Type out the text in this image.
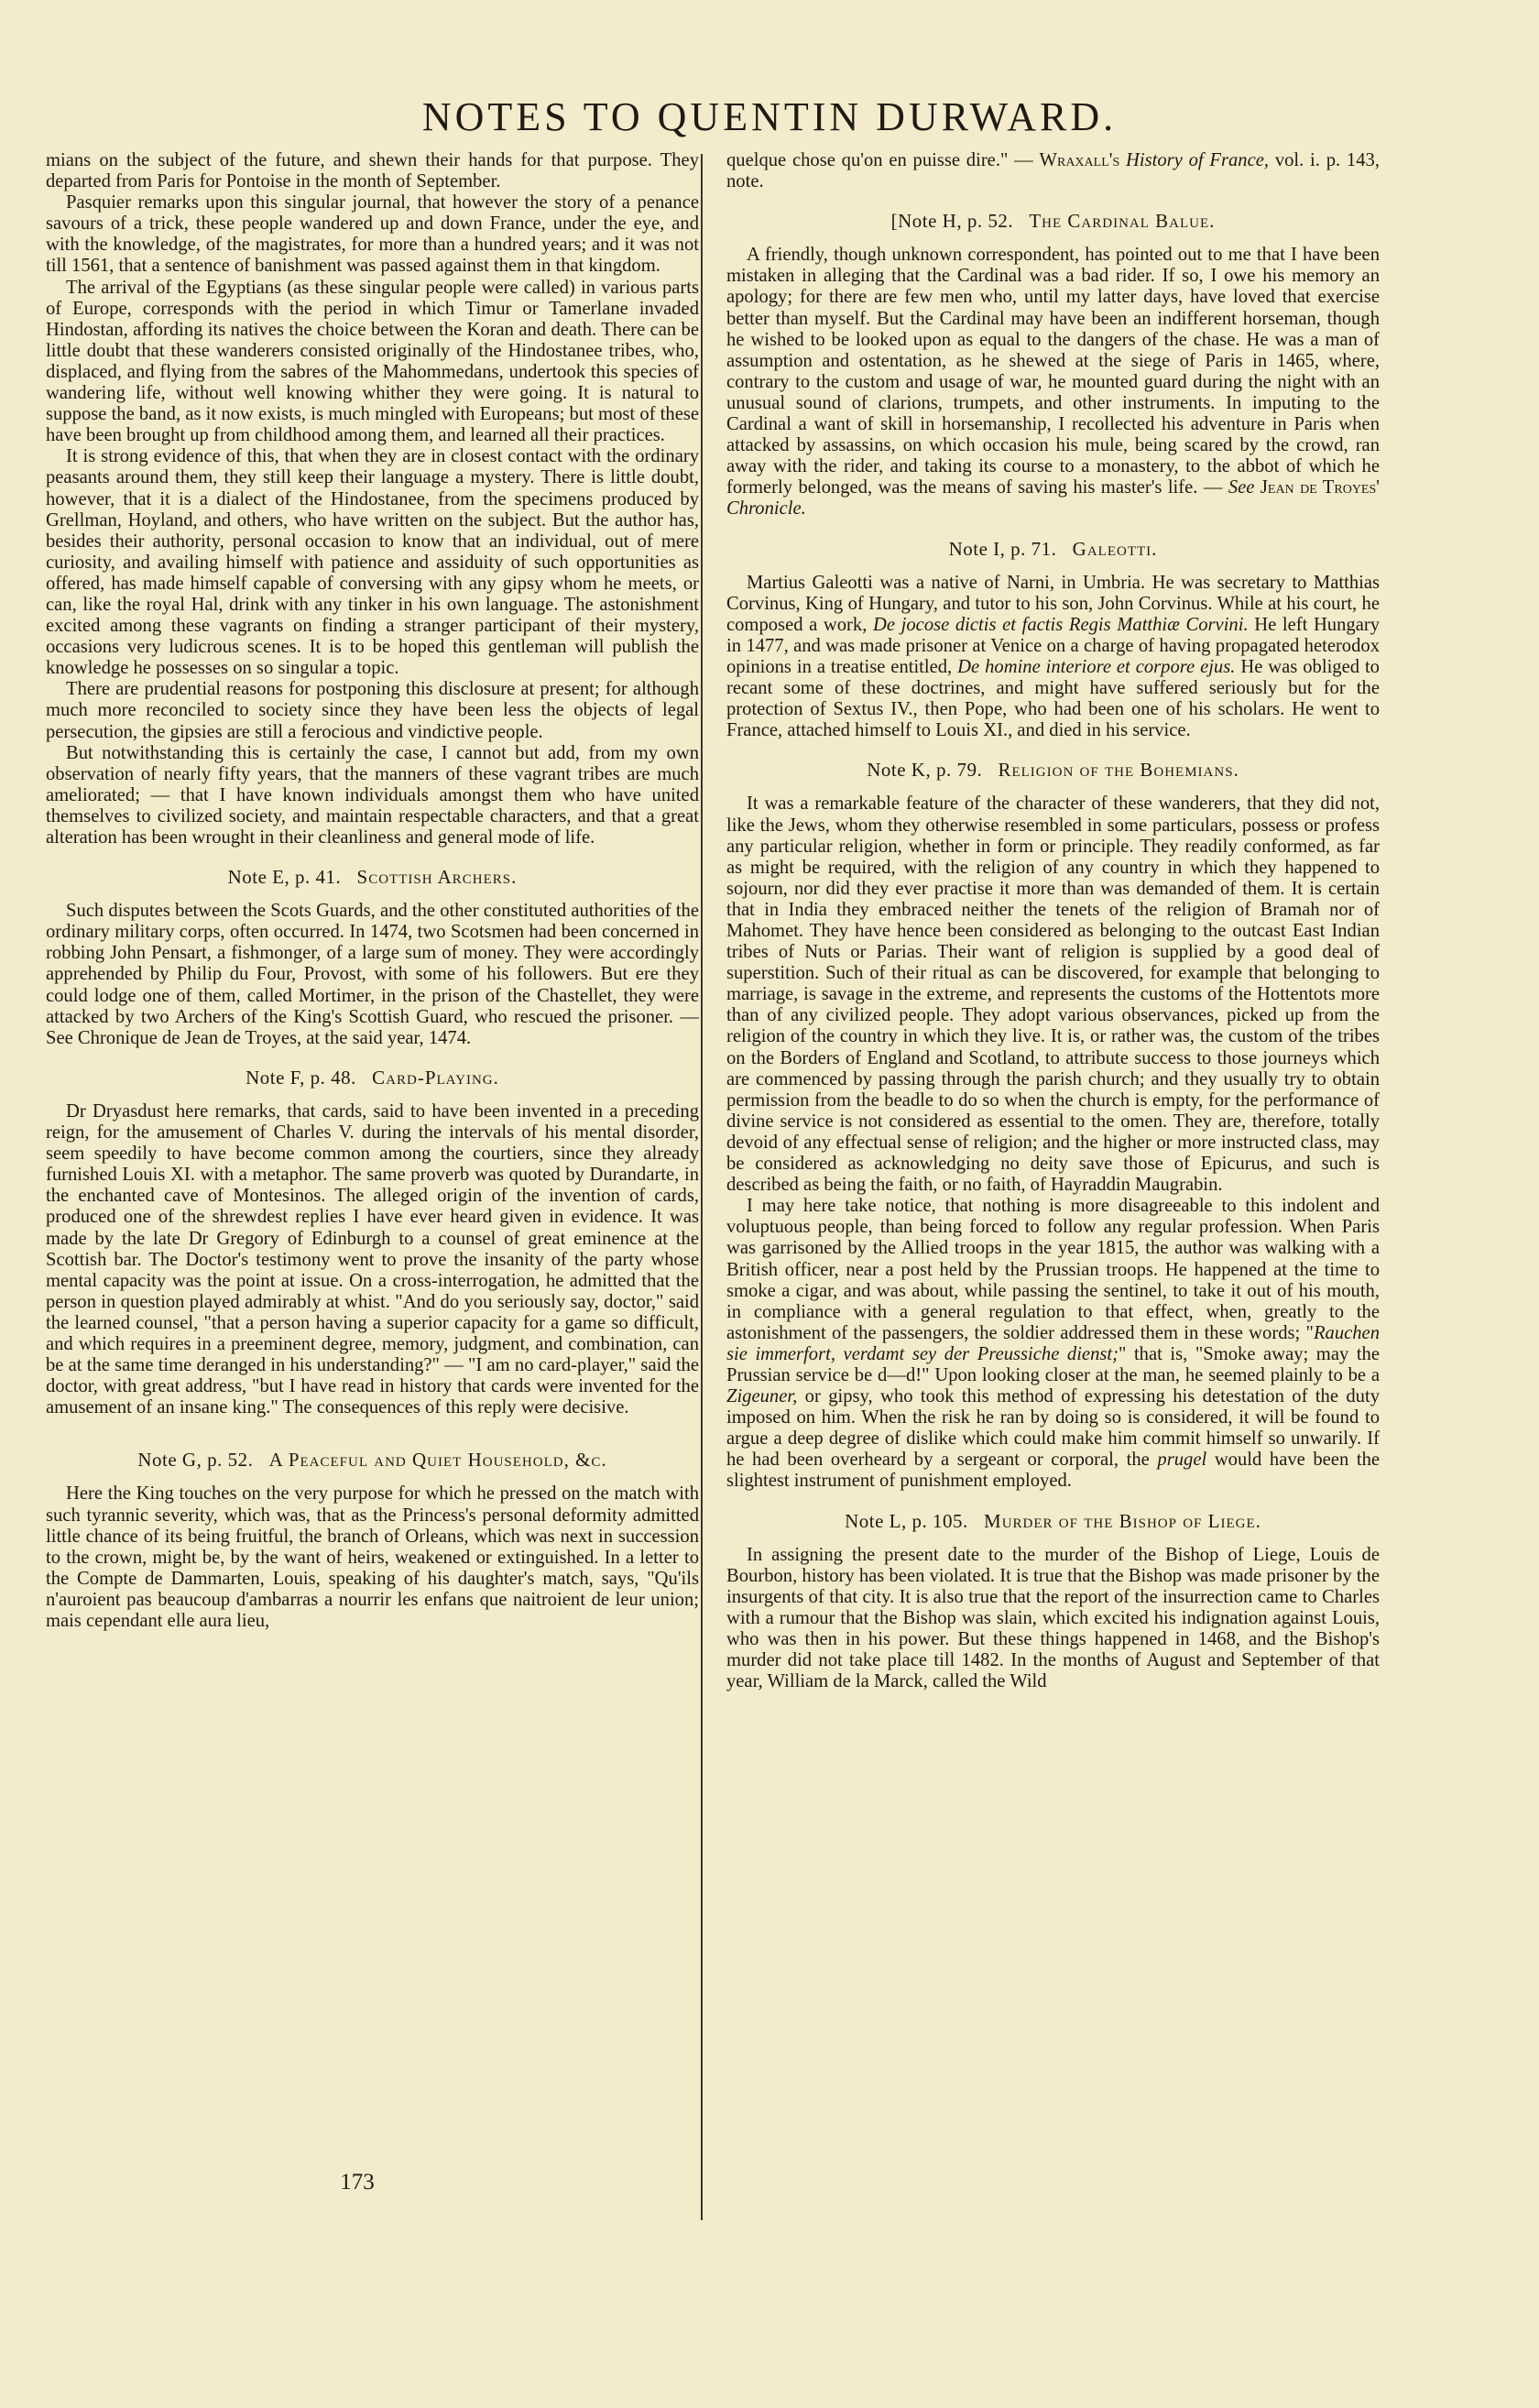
NOTES TO QUENTIN DURWARD.

mians on the subject of the future, and shewn their hands for that purpose. They departed from Paris for Pontoise in the month of September.

Pasquier remarks upon this singular journal, that however the story of a penance savours of a trick, these people wandered up and down France, under the eye, and with the knowledge, of the magistrates, for more than a hundred years; and it was not till 1561, that a sentence of banishment was passed against them in that kingdom.

The arrival of the Egyptians (as these singular people were called) in various parts of Europe, corresponds with the period in which Timur or Tamerlane invaded Hindostan, affording its natives the choice between the Koran and death. There can be little doubt that these wanderers consisted originally of the Hindostanee tribes, who, displaced, and flying from the sabres of the Mahommedans, undertook this species of wandering life, without well knowing whither they were going. It is natural to suppose the band, as it now exists, is much mingled with Europeans; but most of these have been brought up from childhood among them, and learned all their practices.

It is strong evidence of this, that when they are in closest contact with the ordinary peasants around them, they still keep their language a mystery. There is little doubt, however, that it is a dialect of the Hindostanee, from the specimens produced by Grellman, Hoyland, and others, who have written on the subject. But the author has, besides their authority, personal occasion to know that an individual, out of mere curiosity, and availing himself with patience and assiduity of such opportunities as offered, has made himself capable of conversing with any gipsy whom he meets, or can, like the royal Hal, drink with any tinker in his own language. The astonishment excited among these vagrants on finding a stranger participant of their mystery, occasions very ludicrous scenes. It is to be hoped this gentleman will publish the knowledge he possesses on so singular a topic.

There are prudential reasons for postponing this disclosure at present; for although much more reconciled to society since they have been less the objects of legal persecution, the gipsies are still a ferocious and vindictive people.

But notwithstanding this is certainly the case, I cannot but add, from my own observation of nearly fifty years, that the manners of these vagrant tribes are much ameliorated; — that I have known individuals amongst them who have united themselves to civilized society, and maintain respectable characters, and that a great alteration has been wrought in their cleanliness and general mode of life.

Note E, p. 41. Scottish Archers.

Such disputes between the Scots Guards, and the other constituted authorities of the ordinary military corps, often occurred. In 1474, two Scotsmen had been concerned in robbing John Pensart, a fishmonger, of a large sum of money. They were accordingly apprehended by Philip du Four, Provost, with some of his followers. But ere they could lodge one of them, called Mortimer, in the prison of the Chastellet, they were attacked by two Archers of the King's Scottish Guard, who rescued the prisoner. — See Chronique de Jean de Troyes, at the said year, 1474.

Note F, p. 48. Card-Playing.

Dr Dryasdust here remarks, that cards, said to have been invented in a preceding reign, for the amusement of Charles V. during the intervals of his mental disorder, seem speedily to have become common among the courtiers, since they already furnished Louis XI. with a metaphor. The same proverb was quoted by Durandarte, in the enchanted cave of Montesinos. The alleged origin of the invention of cards, produced one of the shrewdest replies I have ever heard given in evidence. It was made by the late Dr Gregory of Edinburgh to a counsel of great eminence at the Scottish bar. The Doctor's testimony went to prove the insanity of the party whose mental capacity was the point at issue. On a cross-interrogation, he admitted that the person in question played admirably at whist. "And do you seriously say, doctor," said the learned counsel, "that a person having a superior capacity for a game so difficult, and which requires in a preeminent degree, memory, judgment, and combination, can be at the same time deranged in his understanding?" — "I am no card-player," said the doctor, with great address, "but I have read in history that cards were invented for the amusement of an insane king." The consequences of this reply were decisive.

Note G, p. 52. A Peaceful and Quiet Household, &c.

Here the King touches on the very purpose for which he pressed on the match with such tyrannic severity, which was, that as the Princess's personal deformity admitted little chance of its being fruitful, the branch of Orleans, which was next in succession to the crown, might be, by the want of heirs, weakened or extinguished. In a letter to the Compte de Dammarten, Louis, speaking of his daughter's match, says, "Qu'ils n'auroient pas beaucoup d'ambarras a nourrir les enfans que naitroient de leur union; mais cependant elle aura lieu,

quelque chose qu'on en puisse dire." — Wraxall's History of France, vol. i. p. 143, note.

[Note H, p. 52. The Cardinal Balue.

A friendly, though unknown correspondent, has pointed out to me that I have been mistaken in alleging that the Cardinal was a bad rider. If so, I owe his memory an apology; for there are few men who, until my latter days, have loved that exercise better than myself. But the Cardinal may have been an indifferent horseman, though he wished to be looked upon as equal to the dangers of the chase. He was a man of assumption and ostentation, as he shewed at the siege of Paris in 1465, where, contrary to the custom and usage of war, he mounted guard during the night with an unusual sound of clarions, trumpets, and other instruments. In imputing to the Cardinal a want of skill in horsemanship, I recollected his adventure in Paris when attacked by assassins, on which occasion his mule, being scared by the crowd, ran away with the rider, and taking its course to a monastery, to the abbot of which he formerly belonged, was the means of saving his master's life. — See Jean de Troyes' Chronicle.

Note I, p. 71. Galeotti.

Martius Galeotti was a native of Narni, in Umbria. He was secretary to Matthias Corvinus, King of Hungary, and tutor to his son, John Corvinus. While at his court, he composed a work, De jocose dictis et factis Regis Matthiæ Corvini. He left Hungary in 1477, and was made prisoner at Venice on a charge of having propagated heterodox opinions in a treatise entitled, De homine interiore et corpore ejus. He was obliged to recant some of these doctrines, and might have suffered seriously but for the protection of Sextus IV., then Pope, who had been one of his scholars. He went to France, attached himself to Louis XI., and died in his service.

Note K, p. 79. Religion of the Bohemians.

It was a remarkable feature of the character of these wanderers, that they did not, like the Jews, whom they otherwise resembled in some particulars, possess or profess any particular religion, whether in form or principle. They readily conformed, as far as might be required, with the religion of any country in which they happened to sojourn, nor did they ever practise it more than was demanded of them. It is certain that in India they embraced neither the tenets of the religion of Bramah nor of Mahomet. They have hence been considered as belonging to the outcast East Indian tribes of Nuts or Parias. Their want of religion is supplied by a good deal of superstition. Such of their ritual as can be discovered, for example that belonging to marriage, is savage in the extreme, and represents the customs of the Hottentots more than of any civilized people. They adopt various observances, picked up from the religion of the country in which they live. It is, or rather was, the custom of the tribes on the Borders of England and Scotland, to attribute success to those journeys which are commenced by passing through the parish church; and they usually try to obtain permission from the beadle to do so when the church is empty, for the performance of divine service is not considered as essential to the omen. They are, therefore, totally devoid of any effectual sense of religion; and the higher or more instructed class, may be considered as acknowledging no deity save those of Epicurus, and such is described as being the faith, or no faith, of Hayraddin Maugrabin.

I may here take notice, that nothing is more disagreeable to this indolent and voluptuous people, than being forced to follow any regular profession. When Paris was garrisoned by the Allied troops in the year 1815, the author was walking with a British officer, near a post held by the Prussian troops. He happened at the time to smoke a cigar, and was about, while passing the sentinel, to take it out of his mouth, in compliance with a general regulation to that effect, when, greatly to the astonishment of the passengers, the soldier addressed them in these words; "Rauchen sie immerfort, verdamt sey der Preussiche dienst;" that is, "Smoke away; may the Prussian service be d—d!" Upon looking closer at the man, he seemed plainly to be a Zigeuner, or gipsy, who took this method of expressing his detestation of the duty imposed on him. When the risk he ran by doing so is considered, it will be found to argue a deep degree of dislike which could make him commit himself so unwarily. If he had been overheard by a sergeant or corporal, the prugel would have been the slightest instrument of punishment employed.

Note L, p. 105. Murder of the Bishop of Liege.

In assigning the present date to the murder of the Bishop of Liege, Louis de Bourbon, history has been violated. It is true that the Bishop was made prisoner by the insurgents of that city. It is also true that the report of the insurrection came to Charles with a rumour that the Bishop was slain, which excited his indignation against Louis, who was then in his power. But these things happened in 1468, and the Bishop's murder did not take place till 1482. In the months of August and September of that year, William de la Marck, called the Wild

173
